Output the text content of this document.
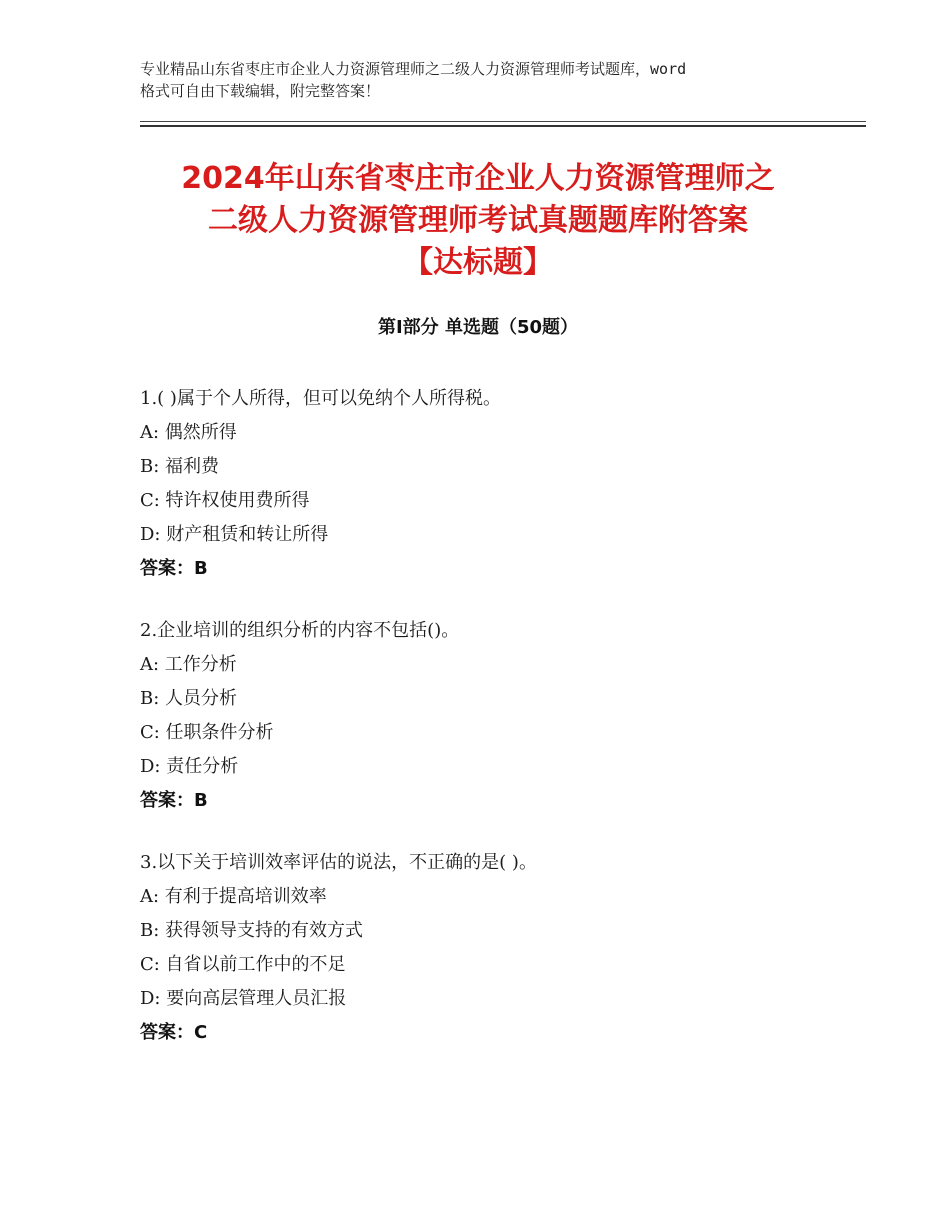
专业精品山东省枣庄市企业人力资源管理师之二级人力资源管理师考试题库，word
格式可自由下载编辑，附完整答案！
2024年山东省枣庄市企业人力资源管理师之
二级人力资源管理师考试真题题库附答案
【达标题】
第Ⅰ部分 单选题（50题）
1.( )属于个人所得，但可以免纳个人所得税。
A: 偶然所得
B: 福利费
C: 特许权使用费所得
D: 财产租赁和转让所得
答案：B
2.企业培训的组织分析的内容不包括()。
A: 工作分析
B: 人员分析
C: 任职条件分析
D: 责任分析
答案：B
3.以下关于培训效率评估的说法，不正确的是( )。
A: 有利于提高培训效率
B: 获得领导支持的有效方式
C: 自省以前工作中的不足
D: 要向高层管理人员汇报
答案：C
